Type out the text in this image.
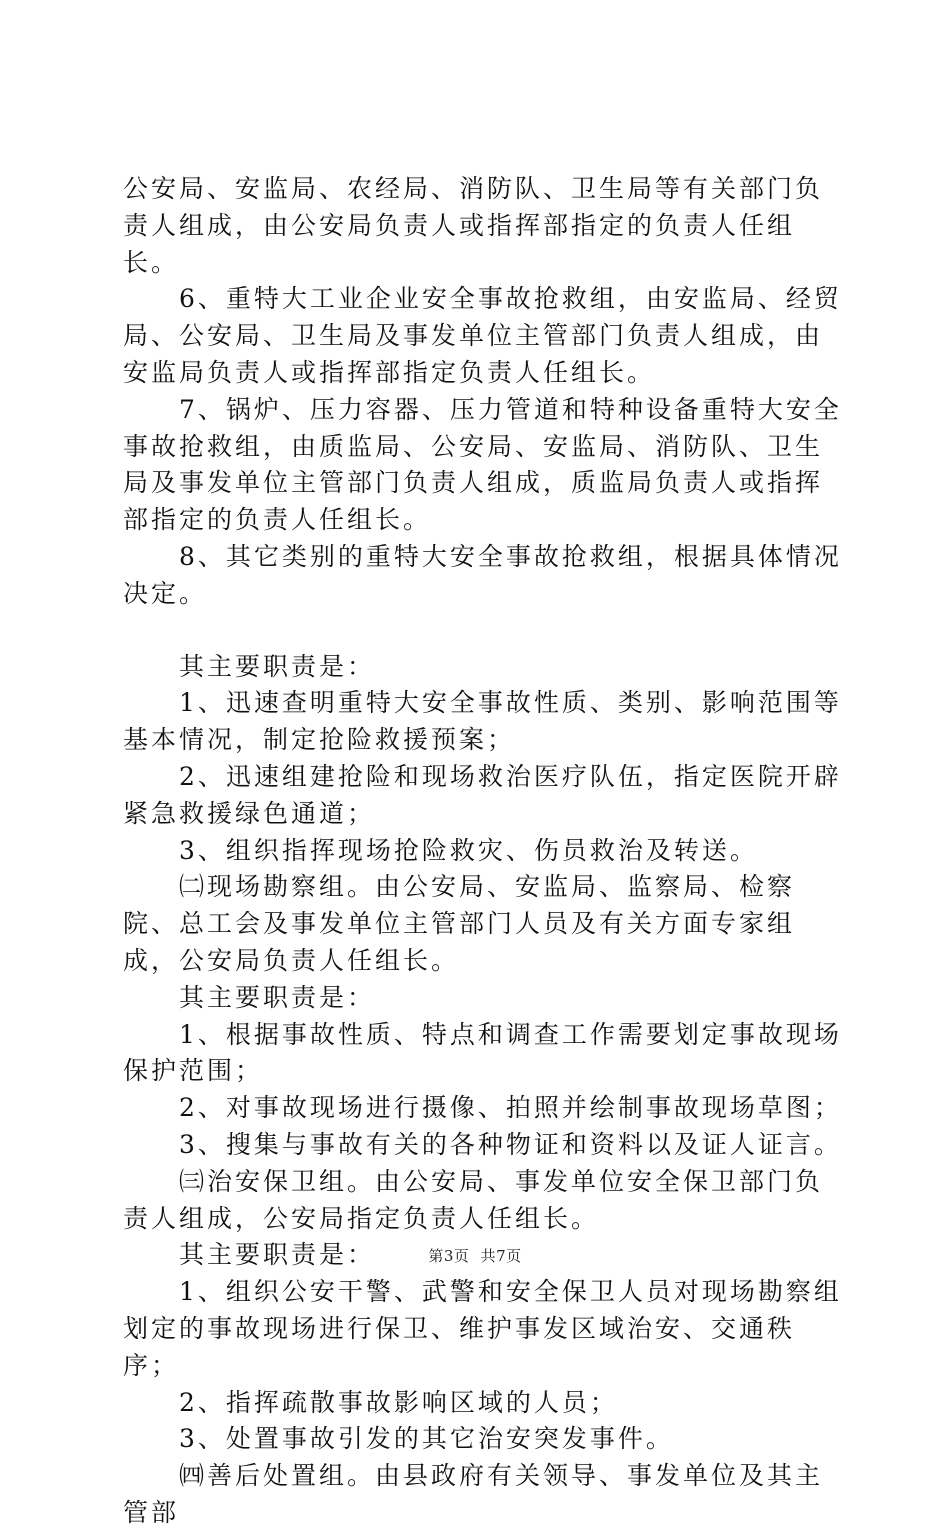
公安局、安监局、农经局、消防队、卫生局等有关部门负责人组成，由公安局负责人或指挥部指定的负责人任组长。

6、重特大工业企业安全事故抢救组，由安监局、经贸局、公安局、卫生局及事发单位主管部门负责人组成，由安监局负责人或指挥部指定负责人任组长。

7、锅炉、压力容器、压力管道和特种设备重特大安全事故抢救组，由质监局、公安局、安监局、消防队、卫生局及事发单位主管部门负责人组成，质监局负责人或指挥部指定的负责人任组长。

8、其它类别的重特大安全事故抢救组，根据具体情况决定。

其主要职责是：

1、迅速查明重特大安全事故性质、类别、影响范围等基本情况，制定抢险救援预案；

2、迅速组建抢险和现场救治医疗队伍，指定医院开辟紧急救援绿色通道；

3、组织指挥现场抢险救灾、伤员救治及转送。

㈡现场勘察组。由公安局、安监局、监察局、检察院、总工会及事发单位主管部门人员及有关方面专家组成，公安局负责人任组长。

其主要职责是：

1、根据事故性质、特点和调查工作需要划定事故现场保护范围；

2、对事故现场进行摄像、拍照并绘制事故现场草图；

3、搜集与事故有关的各种物证和资料以及证人证言。

㈢治安保卫组。由公安局、事发单位安全保卫部门负责人组成，公安局指定负责人任组长。

其主要职责是：

1、组织公安干警、武警和安全保卫人员对现场勘察组划定的事故现场进行保卫、维护事发区域治安、交通秩序；

2、指挥疏散事故影响区域的人员；

3、处置事故引发的其它治安突发事件。

㈣善后处置组。由县政府有关领导、事发单位及其主管部

第3页 共7页
